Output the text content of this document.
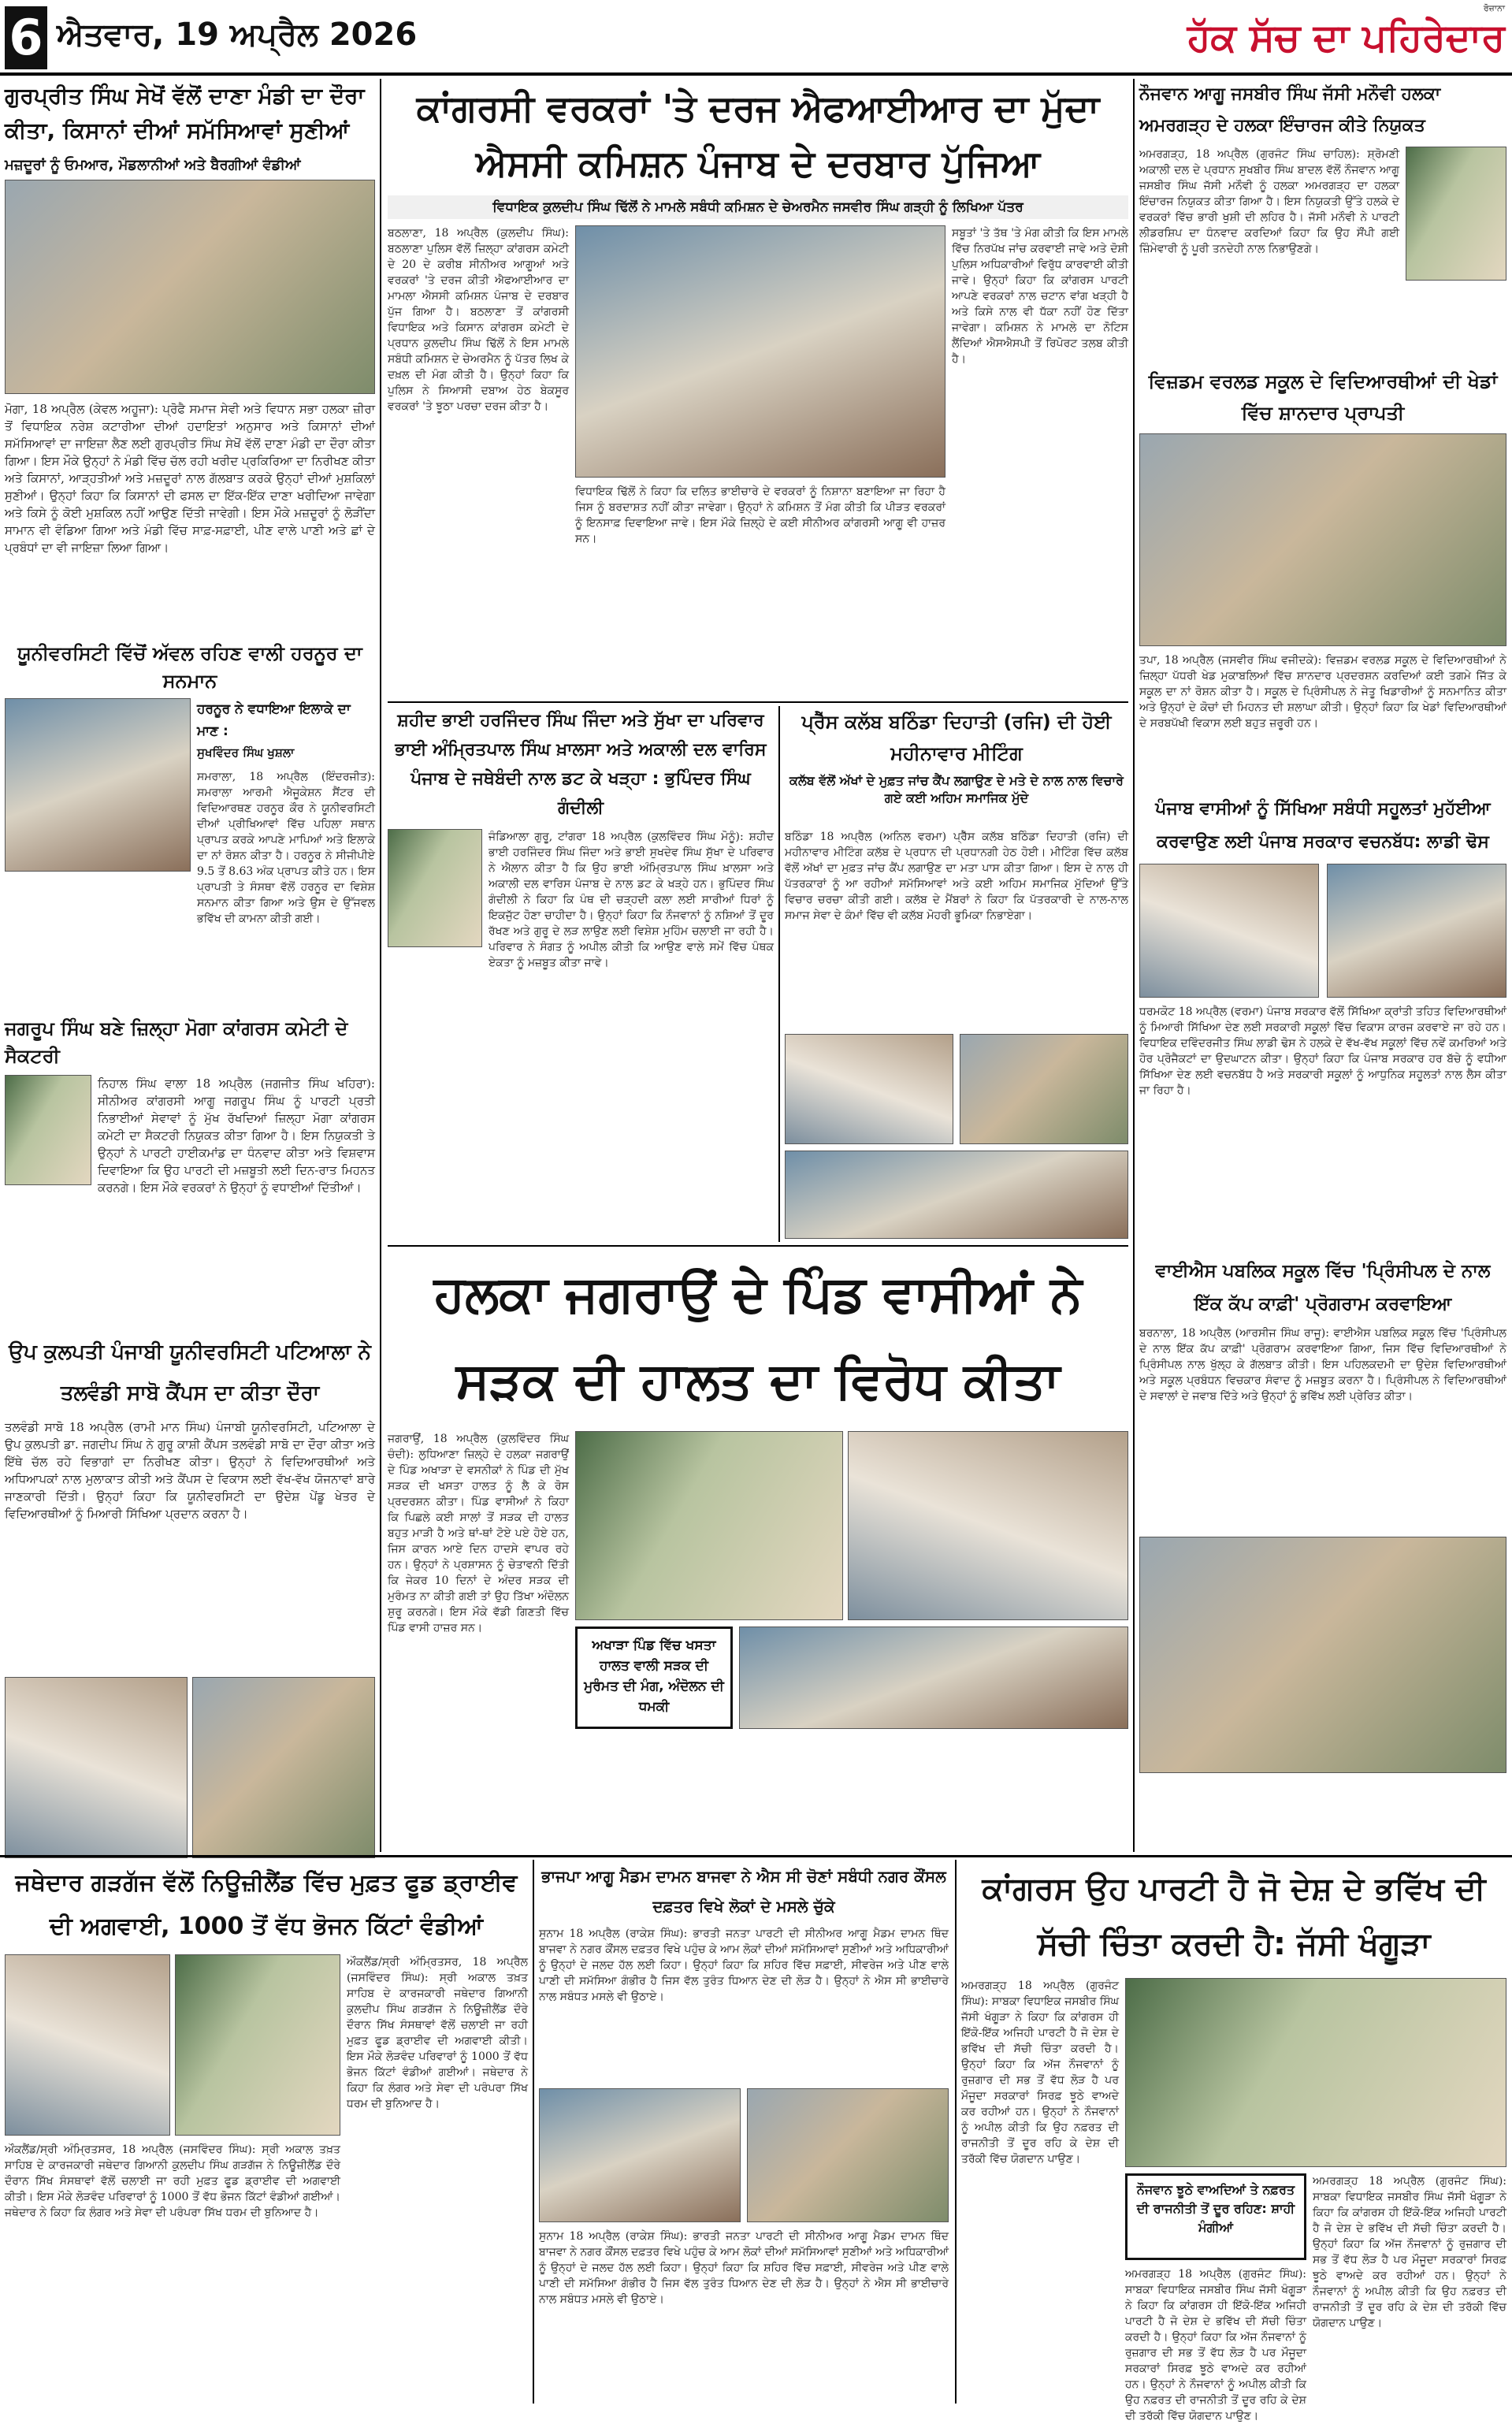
6 ਐਤਵਾਰ, 19 ਅਪ੍ਰੈਲ 2026
ਰੋਜ਼ਾਨਾ
ਹੱਕ ਸੱਚ ਦਾ ਪਹਿਰੇਦਾਰ
ਗੁਰਪ੍ਰੀਤ ਸਿੰਘ ਸੇਖੋਂ ਵੱਲੋਂ ਦਾਣਾ ਮੰਡੀ ਦਾ ਦੌਰਾ ਕੀਤਾ, ਕਿਸਾਨਾਂ ਦੀਆਂ ਸਮੱਸਿਆਵਾਂ ਸੁਣੀਆਂ
ਮਜ਼ਦੂਰਾਂ ਨੂੰ ਓਮਆਰ, ਮੌਡਲਾਨੀਆਂ ਅਤੇ ਬੈਰਗੀਆਂ ਵੰਡੀਆਂ
ਮੋਗਾ, 18 ਅਪ੍ਰੈਲ (ਕੇਵਲ ਅਹੂਜਾ): ਪ੍ਰੋਫੈ ਸਮਾਜ ਸੇਵੀ ਅਤੇ ਵਿਧਾਨ ਸਭਾ ਹਲਕਾ ਜ਼ੀਰਾ ਤੋਂ ਵਿਧਾਇਕ ਨਰੇਸ਼ ਕਟਾਰੀਆ ਦੀਆਂ ਹਦਾਇਤਾਂ ਅਨੁਸਾਰ ਅਤੇ ਕਿਸਾਨਾਂ ਦੀਆਂ ਸਮੱਸਿਆਵਾਂ ਦਾ ਜਾਇਜ਼ਾ ਲੈਣ ਲਈ ਗੁਰਪ੍ਰੀਤ ਸਿੰਘ ਸੇਖੋਂ ਵੱਲੋਂ ਦਾਣਾ ਮੰਡੀ ਦਾ ਦੌਰਾ ਕੀਤਾ ਗਿਆ। ਇਸ ਮੌਕੇ ਉਨ੍ਹਾਂ ਨੇ ਮੰਡੀ ਵਿੱਚ ਚੱਲ ਰਹੀ ਖਰੀਦ ਪ੍ਰਕਿਰਿਆ ਦਾ ਨਿਰੀਖਣ ਕੀਤਾ ਅਤੇ ਕਿਸਾਨਾਂ, ਆੜ੍ਹਤੀਆਂ ਅਤੇ ਮਜ਼ਦੂਰਾਂ ਨਾਲ ਗੱਲਬਾਤ ਕਰਕੇ ਉਨ੍ਹਾਂ ਦੀਆਂ ਮੁਸ਼ਕਿਲਾਂ ਸੁਣੀਆਂ। ਉਨ੍ਹਾਂ ਕਿਹਾ ਕਿ ਕਿਸਾਨਾਂ ਦੀ ਫਸਲ ਦਾ ਇੱਕ-ਇੱਕ ਦਾਣਾ ਖਰੀਦਿਆ ਜਾਵੇਗਾ ਅਤੇ ਕਿਸੇ ਨੂੰ ਕੋਈ ਮੁਸ਼ਕਿਲ ਨਹੀਂ ਆਉਣ ਦਿੱਤੀ ਜਾਵੇਗੀ। ਇਸ ਮੌਕੇ ਮਜ਼ਦੂਰਾਂ ਨੂੰ ਲੋੜੀਂਦਾ ਸਾਮਾਨ ਵੀ ਵੰਡਿਆ ਗਿਆ ਅਤੇ ਮੰਡੀ ਵਿੱਚ ਸਾਫ਼-ਸਫ਼ਾਈ, ਪੀਣ ਵਾਲੇ ਪਾਣੀ ਅਤੇ ਛਾਂ ਦੇ ਪ੍ਰਬੰਧਾਂ ਦਾ ਵੀ ਜਾਇਜ਼ਾ ਲਿਆ ਗਿਆ।
ਯੂਨੀਵਰਸਿਟੀ ਵਿੱਚੋਂ ਅੱਵਲ ਰਹਿਣ ਵਾਲੀ ਹਰਨੂਰ ਦਾ ਸਨਮਾਨ
ਹਰਨੂਰ ਨੇ ਵਧਾਇਆ ਇਲਾਕੇ ਦਾ ਮਾਣ :
ਸੁਖਵਿੰਦਰ ਸਿੰਘ ਖੁਸ਼ਲਾ
ਸਮਰਾਲਾ, 18 ਅਪ੍ਰੈਲ (ਇੰਦਰਜੀਤ): ਸਮਰਾਲਾ ਆਰਮੀ ਐਜੂਕੇਸ਼ਨ ਸੈਂਟਰ ਦੀ ਵਿਦਿਆਰਥਣ ਹਰਨੂਰ ਕੌਰ ਨੇ ਯੂਨੀਵਰਸਿਟੀ ਦੀਆਂ ਪ੍ਰੀਖਿਆਵਾਂ ਵਿੱਚ ਪਹਿਲਾ ਸਥਾਨ ਪ੍ਰਾਪਤ ਕਰਕੇ ਆਪਣੇ ਮਾਪਿਆਂ ਅਤੇ ਇਲਾਕੇ ਦਾ ਨਾਂ ਰੋਸ਼ਨ ਕੀਤਾ ਹੈ। ਹਰਨੂਰ ਨੇ ਸੀਜੀਪੀਏ 9.5 ਤੋਂ 8.63 ਅੰਕ ਪ੍ਰਾਪਤ ਕੀਤੇ ਹਨ। ਇਸ ਪ੍ਰਾਪਤੀ ਤੇ ਸੰਸਥਾ ਵੱਲੋਂ ਹਰਨੂਰ ਦਾ ਵਿਸ਼ੇਸ਼ ਸਨਮਾਨ ਕੀਤਾ ਗਿਆ ਅਤੇ ਉਸ ਦੇ ਉੱਜਵਲ ਭਵਿੱਖ ਦੀ ਕਾਮਨਾ ਕੀਤੀ ਗਈ।
ਜਗਰੂਪ ਸਿੰਘ ਬਣੇ ਜ਼ਿਲ੍ਹਾ ਮੋਗਾ ਕਾਂਗਰਸ ਕਮੇਟੀ ਦੇ ਸੈਕਟਰੀ
ਨਿਹਾਲ ਸਿੰਘ ਵਾਲਾ 18 ਅਪ੍ਰੈਲ (ਜਗਜੀਤ ਸਿੰਘ ਖਹਿਰਾ): ਸੀਨੀਅਰ ਕਾਂਗਰਸੀ ਆਗੂ ਜਗਰੂਪ ਸਿੰਘ ਨੂੰ ਪਾਰਟੀ ਪ੍ਰਤੀ ਨਿਭਾਈਆਂ ਸੇਵਾਵਾਂ ਨੂੰ ਮੁੱਖ ਰੱਖਦਿਆਂ ਜ਼ਿਲ੍ਹਾ ਮੋਗਾ ਕਾਂਗਰਸ ਕਮੇਟੀ ਦਾ ਸੈਕਟਰੀ ਨਿਯੁਕਤ ਕੀਤਾ ਗਿਆ ਹੈ। ਇਸ ਨਿਯੁਕਤੀ ਤੇ ਉਨ੍ਹਾਂ ਨੇ ਪਾਰਟੀ ਹਾਈਕਮਾਂਡ ਦਾ ਧੰਨਵਾਦ ਕੀਤਾ ਅਤੇ ਵਿਸ਼ਵਾਸ ਦਿਵਾਇਆ ਕਿ ਉਹ ਪਾਰਟੀ ਦੀ ਮਜ਼ਬੂਤੀ ਲਈ ਦਿਨ-ਰਾਤ ਮਿਹਨਤ ਕਰਨਗੇ। ਇਸ ਮੌਕੇ ਵਰਕਰਾਂ ਨੇ ਉਨ੍ਹਾਂ ਨੂੰ ਵਧਾਈਆਂ ਦਿੱਤੀਆਂ।
ਉਪ ਕੁਲਪਤੀ ਪੰਜਾਬੀ ਯੂਨੀਵਰਸਿਟੀ ਪਟਿਆਲਾ ਨੇ ਤਲਵੰਡੀ ਸਾਬੋ ਕੈਂਪਸ ਦਾ ਕੀਤਾ ਦੌਰਾ
ਤਲਵੰਡੀ ਸਾਬੋ 18 ਅਪ੍ਰੈਲ (ਰਾਮੀ ਮਾਨ ਸਿੰਘ) ਪੰਜਾਬੀ ਯੂਨੀਵਰਸਿਟੀ, ਪਟਿਆਲਾ ਦੇ ਉਪ ਕੁਲਪਤੀ ਡਾ. ਜਗਦੀਪ ਸਿੰਘ ਨੇ ਗੁਰੂ ਕਾਸ਼ੀ ਕੈਂਪਸ ਤਲਵੰਡੀ ਸਾਬੋ ਦਾ ਦੌਰਾ ਕੀਤਾ ਅਤੇ ਇੱਥੇ ਚੱਲ ਰਹੇ ਵਿਭਾਗਾਂ ਦਾ ਨਿਰੀਖਣ ਕੀਤਾ। ਉਨ੍ਹਾਂ ਨੇ ਵਿਦਿਆਰਥੀਆਂ ਅਤੇ ਅਧਿਆਪਕਾਂ ਨਾਲ ਮੁਲਾਕਾਤ ਕੀਤੀ ਅਤੇ ਕੈਂਪਸ ਦੇ ਵਿਕਾਸ ਲਈ ਵੱਖ-ਵੱਖ ਯੋਜਨਾਵਾਂ ਬਾਰੇ ਜਾਣਕਾਰੀ ਦਿੱਤੀ। ਉਨ੍ਹਾਂ ਕਿਹਾ ਕਿ ਯੂਨੀਵਰਸਿਟੀ ਦਾ ਉਦੇਸ਼ ਪੇਂਡੂ ਖੇਤਰ ਦੇ ਵਿਦਿਆਰਥੀਆਂ ਨੂੰ ਮਿਆਰੀ ਸਿੱਖਿਆ ਪ੍ਰਦਾਨ ਕਰਨਾ ਹੈ।
ਕਾਂਗਰਸੀ ਵਰਕਰਾਂ 'ਤੇ ਦਰਜ ਐਫਆਈਆਰ ਦਾ ਮੁੱਦਾ ਐਸਸੀ ਕਮਿਸ਼ਨ ਪੰਜਾਬ ਦੇ ਦਰਬਾਰ ਪੁੱਜਿਆ
ਵਿਧਾਇਕ ਕੁਲਦੀਪ ਸਿੰਘ ਢਿੱਲੋਂ ਨੇ ਮਾਮਲੇ ਸਬੰਧੀ ਕਮਿਸ਼ਨ ਦੇ ਚੇਅਰਮੈਨ ਜਸਵੀਰ ਸਿੰਘ ਗੜ੍ਹੀ ਨੂੰ ਲਿਖਿਆ ਪੱਤਰ
ਬਠਲਾਣਾ, 18 ਅਪ੍ਰੈਲ (ਕੁਲਦੀਪ ਸਿੰਘ): ਬਠਲਾਣਾ ਪੁਲਿਸ ਵੱਲੋਂ ਜ਼ਿਲ੍ਹਾ ਕਾਂਗਰਸ ਕਮੇਟੀ ਦੇ 20 ਦੇ ਕਰੀਬ ਸੀਨੀਅਰ ਆਗੂਆਂ ਅਤੇ ਵਰਕਰਾਂ 'ਤੇ ਦਰਜ ਕੀਤੀ ਐਫਆਈਆਰ ਦਾ ਮਾਮਲਾ ਐਸਸੀ ਕਮਿਸ਼ਨ ਪੰਜਾਬ ਦੇ ਦਰਬਾਰ ਪੁੱਜ ਗਿਆ ਹੈ। ਬਠਲਾਣਾ ਤੋਂ ਕਾਂਗਰਸੀ ਵਿਧਾਇਕ ਅਤੇ ਕਿਸਾਨ ਕਾਂਗਰਸ ਕਮੇਟੀ ਦੇ ਪ੍ਰਧਾਨ ਕੁਲਦੀਪ ਸਿੰਘ ਢਿੱਲੋਂ ਨੇ ਇਸ ਮਾਮਲੇ ਸਬੰਧੀ ਕਮਿਸ਼ਨ ਦੇ ਚੇਅਰਮੈਨ ਨੂੰ ਪੱਤਰ ਲਿਖ ਕੇ ਦਖ਼ਲ ਦੀ ਮੰਗ ਕੀਤੀ ਹੈ। ਉਨ੍ਹਾਂ ਕਿਹਾ ਕਿ ਪੁਲਿਸ ਨੇ ਸਿਆਸੀ ਦਬਾਅ ਹੇਠ ਬੇਕਸੂਰ ਵਰਕਰਾਂ 'ਤੇ ਝੂਠਾ ਪਰਚਾ ਦਰਜ ਕੀਤਾ ਹੈ।
ਸਬੂਤਾਂ 'ਤੇ ਤੱਥ 'ਤੇ ਮੰਗ ਕੀਤੀ ਕਿ ਇਸ ਮਾਮਲੇ ਵਿੱਚ ਨਿਰਪੱਖ ਜਾਂਚ ਕਰਵਾਈ ਜਾਵੇ ਅਤੇ ਦੋਸ਼ੀ ਪੁਲਿਸ ਅਧਿਕਾਰੀਆਂ ਵਿਰੁੱਧ ਕਾਰਵਾਈ ਕੀਤੀ ਜਾਵੇ। ਉਨ੍ਹਾਂ ਕਿਹਾ ਕਿ ਕਾਂਗਰਸ ਪਾਰਟੀ ਆਪਣੇ ਵਰਕਰਾਂ ਨਾਲ ਚਟਾਨ ਵਾਂਗ ਖੜ੍ਹੀ ਹੈ ਅਤੇ ਕਿਸੇ ਨਾਲ ਵੀ ਧੱਕਾ ਨਹੀਂ ਹੋਣ ਦਿੱਤਾ ਜਾਵੇਗਾ। ਕਮਿਸ਼ਨ ਨੇ ਮਾਮਲੇ ਦਾ ਨੋਟਿਸ ਲੈਂਦਿਆਂ ਐਸਐਸਪੀ ਤੋਂ ਰਿਪੋਰਟ ਤਲਬ ਕੀਤੀ ਹੈ।
ਵਿਧਾਇਕ ਢਿੱਲੋਂ ਨੇ ਕਿਹਾ ਕਿ ਦਲਿਤ ਭਾਈਚਾਰੇ ਦੇ ਵਰਕਰਾਂ ਨੂੰ ਨਿਸ਼ਾਨਾ ਬਣਾਇਆ ਜਾ ਰਿਹਾ ਹੈ ਜਿਸ ਨੂੰ ਬਰਦਾਸ਼ਤ ਨਹੀਂ ਕੀਤਾ ਜਾਵੇਗਾ। ਉਨ੍ਹਾਂ ਨੇ ਕਮਿਸ਼ਨ ਤੋਂ ਮੰਗ ਕੀਤੀ ਕਿ ਪੀੜਤ ਵਰਕਰਾਂ ਨੂੰ ਇਨਸਾਫ਼ ਦਿਵਾਇਆ ਜਾਵੇ। ਇਸ ਮੌਕੇ ਜ਼ਿਲ੍ਹੇ ਦੇ ਕਈ ਸੀਨੀਅਰ ਕਾਂਗਰਸੀ ਆਗੂ ਵੀ ਹਾਜ਼ਰ ਸਨ।
ਸ਼ਹੀਦ ਭਾਈ ਹਰਜਿੰਦਰ ਸਿੰਘ ਜਿੰਦਾ ਅਤੇ ਸੁੱਖਾ ਦਾ ਪਰਿਵਾਰ ਭਾਈ ਅੰਮ੍ਰਿਤਪਾਲ ਸਿੰਘ ਖ਼ਾਲਸਾ ਅਤੇ ਅਕਾਲੀ ਦਲ ਵਾਰਿਸ ਪੰਜਾਬ ਦੇ ਜਥੇਬੰਦੀ ਨਾਲ ਡਟ ਕੇ ਖੜ੍ਹਾ : ਭੁਪਿੰਦਰ ਸਿੰਘ ਗੰਦੀਲੀ
ਜੰਡਿਆਲਾ ਗੁਰੂ, ਟਾਂਗਰਾ 18 ਅਪ੍ਰੈਲ (ਕੁਲਵਿੰਦਰ ਸਿੰਘ ਮੋਨੂੰ): ਸ਼ਹੀਦ ਭਾਈ ਹਰਜਿੰਦਰ ਸਿੰਘ ਜਿੰਦਾ ਅਤੇ ਭਾਈ ਸੁਖਦੇਵ ਸਿੰਘ ਸੁੱਖਾ ਦੇ ਪਰਿਵਾਰ ਨੇ ਐਲਾਨ ਕੀਤਾ ਹੈ ਕਿ ਉਹ ਭਾਈ ਅੰਮ੍ਰਿਤਪਾਲ ਸਿੰਘ ਖ਼ਾਲਸਾ ਅਤੇ ਅਕਾਲੀ ਦਲ ਵਾਰਿਸ ਪੰਜਾਬ ਦੇ ਨਾਲ ਡਟ ਕੇ ਖੜ੍ਹੇ ਹਨ। ਭੁਪਿੰਦਰ ਸਿੰਘ ਗੰਦੀਲੀ ਨੇ ਕਿਹਾ ਕਿ ਪੰਥ ਦੀ ਚੜ੍ਹਦੀ ਕਲਾ ਲਈ ਸਾਰੀਆਂ ਧਿਰਾਂ ਨੂੰ ਇਕਜੁੱਟ ਹੋਣਾ ਚਾਹੀਦਾ ਹੈ। ਉਨ੍ਹਾਂ ਕਿਹਾ ਕਿ ਨੌਜਵਾਨਾਂ ਨੂੰ ਨਸ਼ਿਆਂ ਤੋਂ ਦੂਰ ਰੱਖਣ ਅਤੇ ਗੁਰੂ ਦੇ ਲੜ ਲਾਉਣ ਲਈ ਵਿਸ਼ੇਸ਼ ਮੁਹਿੰਮ ਚਲਾਈ ਜਾ ਰਹੀ ਹੈ। ਪਰਿਵਾਰ ਨੇ ਸੰਗਤ ਨੂੰ ਅਪੀਲ ਕੀਤੀ ਕਿ ਆਉਣ ਵਾਲੇ ਸਮੇਂ ਵਿੱਚ ਪੰਥਕ ਏਕਤਾ ਨੂੰ ਮਜ਼ਬੂਤ ਕੀਤਾ ਜਾਵੇ।
ਪ੍ਰੈੱਸ ਕਲੱਬ ਬਠਿੰਡਾ ਦਿਹਾਤੀ (ਰਜਿ) ਦੀ ਹੋਈ ਮਹੀਨਾਵਾਰ ਮੀਟਿੰਗ
ਕਲੱਬ ਵੱਲੋਂ ਅੱਖਾਂ ਦੇ ਮੁਫ਼ਤ ਜਾਂਚ ਕੈਂਪ ਲਗਾਉਣ ਦੇ ਮਤੇ ਦੇ ਨਾਲ ਨਾਲ ਵਿਚਾਰੇ ਗਏ ਕਈ ਅਹਿਮ ਸਮਾਜਿਕ ਮੁੱਦੇ
ਬਠਿੰਡਾ 18 ਅਪ੍ਰੈਲ (ਅਨਿਲ ਵਰਮਾ) ਪ੍ਰੈੱਸ ਕਲੱਬ ਬਠਿੰਡਾ ਦਿਹਾਤੀ (ਰਜਿ) ਦੀ ਮਹੀਨਾਵਾਰ ਮੀਟਿੰਗ ਕਲੱਬ ਦੇ ਪ੍ਰਧਾਨ ਦੀ ਪ੍ਰਧਾਨਗੀ ਹੇਠ ਹੋਈ। ਮੀਟਿੰਗ ਵਿੱਚ ਕਲੱਬ ਵੱਲੋਂ ਅੱਖਾਂ ਦਾ ਮੁਫ਼ਤ ਜਾਂਚ ਕੈਂਪ ਲਗਾਉਣ ਦਾ ਮਤਾ ਪਾਸ ਕੀਤਾ ਗਿਆ। ਇਸ ਦੇ ਨਾਲ ਹੀ ਪੱਤਰਕਾਰਾਂ ਨੂੰ ਆ ਰਹੀਆਂ ਸਮੱਸਿਆਵਾਂ ਅਤੇ ਕਈ ਅਹਿਮ ਸਮਾਜਿਕ ਮੁੱਦਿਆਂ ਉੱਤੇ ਵਿਚਾਰ ਚਰਚਾ ਕੀਤੀ ਗਈ। ਕਲੱਬ ਦੇ ਮੈਂਬਰਾਂ ਨੇ ਕਿਹਾ ਕਿ ਪੱਤਰਕਾਰੀ ਦੇ ਨਾਲ-ਨਾਲ ਸਮਾਜ ਸੇਵਾ ਦੇ ਕੰਮਾਂ ਵਿੱਚ ਵੀ ਕਲੱਬ ਮੋਹਰੀ ਭੂਮਿਕਾ ਨਿਭਾਏਗਾ।
ਹਲਕਾ ਜਗਰਾਉਂ ਦੇ ਪਿੰਡ ਵਾਸੀਆਂ ਨੇ ਸੜਕ ਦੀ ਹਾਲਤ ਦਾ ਵਿਰੋਧ ਕੀਤਾ
ਜਗਰਾਉਂ, 18 ਅਪ੍ਰੈਲ (ਕੁਲਵਿੰਦਰ ਸਿੰਘ ਚੰਦੀ): ਲੁਧਿਆਣਾ ਜ਼ਿਲ੍ਹੇ ਦੇ ਹਲਕਾ ਜਗਰਾਉਂ ਦੇ ਪਿੰਡ ਅਖਾੜਾ ਦੇ ਵਸਨੀਕਾਂ ਨੇ ਪਿੰਡ ਦੀ ਮੁੱਖ ਸੜਕ ਦੀ ਖਸਤਾ ਹਾਲਤ ਨੂੰ ਲੈ ਕੇ ਰੋਸ ਪ੍ਰਦਰਸ਼ਨ ਕੀਤਾ। ਪਿੰਡ ਵਾਸੀਆਂ ਨੇ ਕਿਹਾ ਕਿ ਪਿਛਲੇ ਕਈ ਸਾਲਾਂ ਤੋਂ ਸੜਕ ਦੀ ਹਾਲਤ ਬਹੁਤ ਮਾੜੀ ਹੈ ਅਤੇ ਥਾਂ-ਥਾਂ ਟੋਏ ਪਏ ਹੋਏ ਹਨ, ਜਿਸ ਕਾਰਨ ਆਏ ਦਿਨ ਹਾਦਸੇ ਵਾਪਰ ਰਹੇ ਹਨ। ਉਨ੍ਹਾਂ ਨੇ ਪ੍ਰਸ਼ਾਸਨ ਨੂੰ ਚੇਤਾਵਨੀ ਦਿੱਤੀ ਕਿ ਜੇਕਰ 10 ਦਿਨਾਂ ਦੇ ਅੰਦਰ ਸੜਕ ਦੀ ਮੁਰੰਮਤ ਨਾ ਕੀਤੀ ਗਈ ਤਾਂ ਉਹ ਤਿੱਖਾ ਅੰਦੋਲਨ ਸ਼ੁਰੂ ਕਰਨਗੇ। ਇਸ ਮੌਕੇ ਵੱਡੀ ਗਿਣਤੀ ਵਿੱਚ ਪਿੰਡ ਵਾਸੀ ਹਾਜ਼ਰ ਸਨ।
ਅਖਾੜਾ ਪਿੰਡ ਵਿੱਚ ਖਸਤਾ ਹਾਲਤ ਵਾਲੀ ਸੜਕ ਦੀ ਮੁਰੰਮਤ ਦੀ ਮੰਗ, ਅੰਦੋਲਨ ਦੀ ਧਮਕੀ
ਨੌਜਵਾਨ ਆਗੂ ਜਸਬੀਰ ਸਿੰਘ ਜੱਸੀ ਮਨੌਵੀ ਹਲਕਾ ਅਮਰਗੜ੍ਹ ਦੇ ਹਲਕਾ ਇੰਚਾਰਜ ਕੀਤੇ ਨਿਯੁਕਤ
ਅਮਰਗੜ੍ਹ, 18 ਅਪ੍ਰੈਲ (ਗੁਰਜੰਟ ਸਿੰਘ ਚਾਹਿਲ): ਸ਼੍ਰੋਮਣੀ ਅਕਾਲੀ ਦਲ ਦੇ ਪ੍ਰਧਾਨ ਸੁਖਬੀਰ ਸਿੰਘ ਬਾਦਲ ਵੱਲੋਂ ਨੌਜਵਾਨ ਆਗੂ ਜਸਬੀਰ ਸਿੰਘ ਜੱਸੀ ਮਨੌਵੀ ਨੂੰ ਹਲਕਾ ਅਮਰਗੜ੍ਹ ਦਾ ਹਲਕਾ ਇੰਚਾਰਜ ਨਿਯੁਕਤ ਕੀਤਾ ਗਿਆ ਹੈ। ਇਸ ਨਿਯੁਕਤੀ ਉੱਤੇ ਹਲਕੇ ਦੇ ਵਰਕਰਾਂ ਵਿੱਚ ਭਾਰੀ ਖੁਸ਼ੀ ਦੀ ਲਹਿਰ ਹੈ। ਜੱਸੀ ਮਨੌਵੀ ਨੇ ਪਾਰਟੀ ਲੀਡਰਸ਼ਿਪ ਦਾ ਧੰਨਵਾਦ ਕਰਦਿਆਂ ਕਿਹਾ ਕਿ ਉਹ ਸੌਂਪੀ ਗਈ ਜ਼ਿੰਮੇਵਾਰੀ ਨੂੰ ਪੂਰੀ ਤਨਦੇਹੀ ਨਾਲ ਨਿਭਾਉਣਗੇ।
ਵਿਜ਼ਡਮ ਵਰਲਡ ਸਕੂਲ ਦੇ ਵਿਦਿਆਰਥੀਆਂ ਦੀ ਖੇਡਾਂ ਵਿੱਚ ਸ਼ਾਨਦਾਰ ਪ੍ਰਾਪਤੀ
ਤਪਾ, 18 ਅਪ੍ਰੈਲ (ਜਸਵੀਰ ਸਿੰਘ ਵਜੀਦਕੇ): ਵਿਜ਼ਡਮ ਵਰਲਡ ਸਕੂਲ ਦੇ ਵਿਦਿਆਰਥੀਆਂ ਨੇ ਜ਼ਿਲ੍ਹਾ ਪੱਧਰੀ ਖੇਡ ਮੁਕਾਬਲਿਆਂ ਵਿੱਚ ਸ਼ਾਨਦਾਰ ਪ੍ਰਦਰਸ਼ਨ ਕਰਦਿਆਂ ਕਈ ਤਗਮੇ ਜਿੱਤ ਕੇ ਸਕੂਲ ਦਾ ਨਾਂ ਰੋਸ਼ਨ ਕੀਤਾ ਹੈ। ਸਕੂਲ ਦੇ ਪ੍ਰਿੰਸੀਪਲ ਨੇ ਜੇਤੂ ਖਿਡਾਰੀਆਂ ਨੂੰ ਸਨਮਾਨਿਤ ਕੀਤਾ ਅਤੇ ਉਨ੍ਹਾਂ ਦੇ ਕੋਚਾਂ ਦੀ ਮਿਹਨਤ ਦੀ ਸ਼ਲਾਘਾ ਕੀਤੀ। ਉਨ੍ਹਾਂ ਕਿਹਾ ਕਿ ਖੇਡਾਂ ਵਿਦਿਆਰਥੀਆਂ ਦੇ ਸਰਬਪੱਖੀ ਵਿਕਾਸ ਲਈ ਬਹੁਤ ਜ਼ਰੂਰੀ ਹਨ।
ਪੰਜਾਬ ਵਾਸੀਆਂ ਨੂੰ ਸਿੱਖਿਆ ਸਬੰਧੀ ਸਹੂਲਤਾਂ ਮੁਹੱਈਆ ਕਰਵਾਉਣ ਲਈ ਪੰਜਾਬ ਸਰਕਾਰ ਵਚਨਬੱਧ: ਲਾਡੀ ਢੋਸ
ਧਰਮਕੋਟ 18 ਅਪ੍ਰੈਲ (ਵਰਮਾ) ਪੰਜਾਬ ਸਰਕਾਰ ਵੱਲੋਂ ਸਿੱਖਿਆ ਕ੍ਰਾਂਤੀ ਤਹਿਤ ਵਿਦਿਆਰਥੀਆਂ ਨੂੰ ਮਿਆਰੀ ਸਿੱਖਿਆ ਦੇਣ ਲਈ ਸਰਕਾਰੀ ਸਕੂਲਾਂ ਵਿੱਚ ਵਿਕਾਸ ਕਾਰਜ ਕਰਵਾਏ ਜਾ ਰਹੇ ਹਨ। ਵਿਧਾਇਕ ਦਵਿੰਦਰਜੀਤ ਸਿੰਘ ਲਾਡੀ ਢੋਸ ਨੇ ਹਲਕੇ ਦੇ ਵੱਖ-ਵੱਖ ਸਕੂਲਾਂ ਵਿੱਚ ਨਵੇਂ ਕਮਰਿਆਂ ਅਤੇ ਹੋਰ ਪ੍ਰੋਜੈਕਟਾਂ ਦਾ ਉਦਘਾਟਨ ਕੀਤਾ। ਉਨ੍ਹਾਂ ਕਿਹਾ ਕਿ ਪੰਜਾਬ ਸਰਕਾਰ ਹਰ ਬੱਚੇ ਨੂੰ ਵਧੀਆ ਸਿੱਖਿਆ ਦੇਣ ਲਈ ਵਚਨਬੱਧ ਹੈ ਅਤੇ ਸਰਕਾਰੀ ਸਕੂਲਾਂ ਨੂੰ ਆਧੁਨਿਕ ਸਹੂਲਤਾਂ ਨਾਲ ਲੈਸ ਕੀਤਾ ਜਾ ਰਿਹਾ ਹੈ।
ਵਾਈਐਸ ਪਬਲਿਕ ਸਕੂਲ ਵਿੱਚ 'ਪ੍ਰਿੰਸੀਪਲ ਦੇ ਨਾਲ ਇੱਕ ਕੱਪ ਕਾਫ਼ੀ' ਪ੍ਰੋਗਰਾਮ ਕਰਵਾਇਆ
ਬਰਨਾਲਾ, 18 ਅਪ੍ਰੈਲ (ਆਰਸੀਜ ਸਿੰਘ ਰਾਜੂ): ਵਾਈਐਸ ਪਬਲਿਕ ਸਕੂਲ ਵਿੱਚ 'ਪ੍ਰਿੰਸੀਪਲ ਦੇ ਨਾਲ ਇੱਕ ਕੱਪ ਕਾਫ਼ੀ' ਪ੍ਰੋਗਰਾਮ ਕਰਵਾਇਆ ਗਿਆ, ਜਿਸ ਵਿੱਚ ਵਿਦਿਆਰਥੀਆਂ ਨੇ ਪ੍ਰਿੰਸੀਪਲ ਨਾਲ ਖੁੱਲ੍ਹ ਕੇ ਗੱਲਬਾਤ ਕੀਤੀ। ਇਸ ਪਹਿਲਕਦਮੀ ਦਾ ਉਦੇਸ਼ ਵਿਦਿਆਰਥੀਆਂ ਅਤੇ ਸਕੂਲ ਪ੍ਰਬੰਧਨ ਵਿਚਕਾਰ ਸੰਵਾਦ ਨੂੰ ਮਜ਼ਬੂਤ ਕਰਨਾ ਹੈ। ਪ੍ਰਿੰਸੀਪਲ ਨੇ ਵਿਦਿਆਰਥੀਆਂ ਦੇ ਸਵਾਲਾਂ ਦੇ ਜਵਾਬ ਦਿੱਤੇ ਅਤੇ ਉਨ੍ਹਾਂ ਨੂੰ ਭਵਿੱਖ ਲਈ ਪ੍ਰੇਰਿਤ ਕੀਤਾ।
ਜਥੇਦਾਰ ਗੜਗੱਜ ਵੱਲੋਂ ਨਿਊਜ਼ੀਲੈਂਡ ਵਿੱਚ ਮੁਫ਼ਤ ਫੂਡ ਡ੍ਰਾਈਵ ਦੀ ਅਗਵਾਈ, 1000 ਤੋਂ ਵੱਧ ਭੋਜਨ ਕਿੱਟਾਂ ਵੰਡੀਆਂ
ਔਕਲੈਂਡ/ਸ੍ਰੀ ਅੰਮ੍ਰਿਤਸਰ, 18 ਅਪ੍ਰੈਲ (ਜਸਵਿੰਦਰ ਸਿੰਘ): ਸ੍ਰੀ ਅਕਾਲ ਤਖ਼ਤ ਸਾਹਿਬ ਦੇ ਕਾਰਜਕਾਰੀ ਜਥੇਦਾਰ ਗਿਆਨੀ ਕੁਲਦੀਪ ਸਿੰਘ ਗੜਗੱਜ ਨੇ ਨਿਊਜ਼ੀਲੈਂਡ ਦੌਰੇ ਦੌਰਾਨ ਸਿੱਖ ਸੰਸਥਾਵਾਂ ਵੱਲੋਂ ਚਲਾਈ ਜਾ ਰਹੀ ਮੁਫ਼ਤ ਫੂਡ ਡ੍ਰਾਈਵ ਦੀ ਅਗਵਾਈ ਕੀਤੀ। ਇਸ ਮੌਕੇ ਲੋੜਵੰਦ ਪਰਿਵਾਰਾਂ ਨੂੰ 1000 ਤੋਂ ਵੱਧ ਭੋਜਨ ਕਿੱਟਾਂ ਵੰਡੀਆਂ ਗਈਆਂ। ਜਥੇਦਾਰ ਨੇ ਕਿਹਾ ਕਿ ਲੰਗਰ ਅਤੇ ਸੇਵਾ ਦੀ ਪਰੰਪਰਾ ਸਿੱਖ ਧਰਮ ਦੀ ਬੁਨਿਆਦ ਹੈ।
ਔਕਲੈਂਡ/ਸ੍ਰੀ ਅੰਮ੍ਰਿਤਸਰ, 18 ਅਪ੍ਰੈਲ (ਜਸਵਿੰਦਰ ਸਿੰਘ): ਸ੍ਰੀ ਅਕਾਲ ਤਖ਼ਤ ਸਾਹਿਬ ਦੇ ਕਾਰਜਕਾਰੀ ਜਥੇਦਾਰ ਗਿਆਨੀ ਕੁਲਦੀਪ ਸਿੰਘ ਗੜਗੱਜ ਨੇ ਨਿਊਜ਼ੀਲੈਂਡ ਦੌਰੇ ਦੌਰਾਨ ਸਿੱਖ ਸੰਸਥਾਵਾਂ ਵੱਲੋਂ ਚਲਾਈ ਜਾ ਰਹੀ ਮੁਫ਼ਤ ਫੂਡ ਡ੍ਰਾਈਵ ਦੀ ਅਗਵਾਈ ਕੀਤੀ। ਇਸ ਮੌਕੇ ਲੋੜਵੰਦ ਪਰਿਵਾਰਾਂ ਨੂੰ 1000 ਤੋਂ ਵੱਧ ਭੋਜਨ ਕਿੱਟਾਂ ਵੰਡੀਆਂ ਗਈਆਂ। ਜਥੇਦਾਰ ਨੇ ਕਿਹਾ ਕਿ ਲੰਗਰ ਅਤੇ ਸੇਵਾ ਦੀ ਪਰੰਪਰਾ ਸਿੱਖ ਧਰਮ ਦੀ ਬੁਨਿਆਦ ਹੈ।
ਭਾਜਪਾ ਆਗੂ ਮੈਡਮ ਦਾਮਨ ਬਾਜਵਾ ਨੇ ਐਸ ਸੀ ਚੋਣਾਂ ਸਬੰਧੀ ਨਗਰ ਕੌਂਸਲ ਦਫ਼ਤਰ ਵਿਖੇ ਲੋਕਾਂ ਦੇ ਮਸਲੇ ਚੁੱਕੇ
ਸੁਨਾਮ 18 ਅਪ੍ਰੈਲ (ਰਾਕੇਸ਼ ਸਿੰਘ): ਭਾਰਤੀ ਜਨਤਾ ਪਾਰਟੀ ਦੀ ਸੀਨੀਅਰ ਆਗੂ ਮੈਡਮ ਦਾਮਨ ਥਿੰਦ ਬਾਜਵਾ ਨੇ ਨਗਰ ਕੌਂਸਲ ਦਫ਼ਤਰ ਵਿਖੇ ਪਹੁੰਚ ਕੇ ਆਮ ਲੋਕਾਂ ਦੀਆਂ ਸਮੱਸਿਆਵਾਂ ਸੁਣੀਆਂ ਅਤੇ ਅਧਿਕਾਰੀਆਂ ਨੂੰ ਉਨ੍ਹਾਂ ਦੇ ਜਲਦ ਹੱਲ ਲਈ ਕਿਹਾ। ਉਨ੍ਹਾਂ ਕਿਹਾ ਕਿ ਸ਼ਹਿਰ ਵਿੱਚ ਸਫ਼ਾਈ, ਸੀਵਰੇਜ ਅਤੇ ਪੀਣ ਵਾਲੇ ਪਾਣੀ ਦੀ ਸਮੱਸਿਆ ਗੰਭੀਰ ਹੈ ਜਿਸ ਵੱਲ ਤੁਰੰਤ ਧਿਆਨ ਦੇਣ ਦੀ ਲੋੜ ਹੈ। ਉਨ੍ਹਾਂ ਨੇ ਐਸ ਸੀ ਭਾਈਚਾਰੇ ਨਾਲ ਸਬੰਧਤ ਮਸਲੇ ਵੀ ਉਠਾਏ।
ਸੁਨਾਮ 18 ਅਪ੍ਰੈਲ (ਰਾਕੇਸ਼ ਸਿੰਘ): ਭਾਰਤੀ ਜਨਤਾ ਪਾਰਟੀ ਦੀ ਸੀਨੀਅਰ ਆਗੂ ਮੈਡਮ ਦਾਮਨ ਥਿੰਦ ਬਾਜਵਾ ਨੇ ਨਗਰ ਕੌਂਸਲ ਦਫ਼ਤਰ ਵਿਖੇ ਪਹੁੰਚ ਕੇ ਆਮ ਲੋਕਾਂ ਦੀਆਂ ਸਮੱਸਿਆਵਾਂ ਸੁਣੀਆਂ ਅਤੇ ਅਧਿਕਾਰੀਆਂ ਨੂੰ ਉਨ੍ਹਾਂ ਦੇ ਜਲਦ ਹੱਲ ਲਈ ਕਿਹਾ। ਉਨ੍ਹਾਂ ਕਿਹਾ ਕਿ ਸ਼ਹਿਰ ਵਿੱਚ ਸਫ਼ਾਈ, ਸੀਵਰੇਜ ਅਤੇ ਪੀਣ ਵਾਲੇ ਪਾਣੀ ਦੀ ਸਮੱਸਿਆ ਗੰਭੀਰ ਹੈ ਜਿਸ ਵੱਲ ਤੁਰੰਤ ਧਿਆਨ ਦੇਣ ਦੀ ਲੋੜ ਹੈ। ਉਨ੍ਹਾਂ ਨੇ ਐਸ ਸੀ ਭਾਈਚਾਰੇ ਨਾਲ ਸਬੰਧਤ ਮਸਲੇ ਵੀ ਉਠਾਏ।
ਕਾਂਗਰਸ ਉਹ ਪਾਰਟੀ ਹੈ ਜੋ ਦੇਸ਼ ਦੇ ਭਵਿੱਖ ਦੀ ਸੱਚੀ ਚਿੰਤਾ ਕਰਦੀ ਹੈ: ਜੱਸੀ ਖੰਗੂੜਾ
ਅਮਰਗੜ੍ਹ 18 ਅਪ੍ਰੈਲ (ਗੁਰਜੰਟ ਸਿੰਘ): ਸਾਬਕਾ ਵਿਧਾਇਕ ਜਸਬੀਰ ਸਿੰਘ ਜੱਸੀ ਖੰਗੂੜਾ ਨੇ ਕਿਹਾ ਕਿ ਕਾਂਗਰਸ ਹੀ ਇੱਕੋ-ਇੱਕ ਅਜਿਹੀ ਪਾਰਟੀ ਹੈ ਜੋ ਦੇਸ਼ ਦੇ ਭਵਿੱਖ ਦੀ ਸੱਚੀ ਚਿੰਤਾ ਕਰਦੀ ਹੈ। ਉਨ੍ਹਾਂ ਕਿਹਾ ਕਿ ਅੱਜ ਨੌਜਵਾਨਾਂ ਨੂੰ ਰੁਜ਼ਗਾਰ ਦੀ ਸਭ ਤੋਂ ਵੱਧ ਲੋੜ ਹੈ ਪਰ ਮੌਜੂਦਾ ਸਰਕਾਰਾਂ ਸਿਰਫ਼ ਝੂਠੇ ਵਾਅਦੇ ਕਰ ਰਹੀਆਂ ਹਨ। ਉਨ੍ਹਾਂ ਨੇ ਨੌਜਵਾਨਾਂ ਨੂੰ ਅਪੀਲ ਕੀਤੀ ਕਿ ਉਹ ਨਫ਼ਰਤ ਦੀ ਰਾਜਨੀਤੀ ਤੋਂ ਦੂਰ ਰਹਿ ਕੇ ਦੇਸ਼ ਦੀ ਤਰੱਕੀ ਵਿੱਚ ਯੋਗਦਾਨ ਪਾਉਣ।
ਨੌਜਵਾਨ ਝੂਠੇ ਵਾਅਦਿਆਂ ਤੇ ਨਫ਼ਰਤ ਦੀ ਰਾਜਨੀਤੀ ਤੋਂ ਦੂਰ ਰਹਿਣ: ਸ਼ਾਹੀ ਮੰਗੀਆਂ
ਅਮਰਗੜ੍ਹ 18 ਅਪ੍ਰੈਲ (ਗੁਰਜੰਟ ਸਿੰਘ): ਸਾਬਕਾ ਵਿਧਾਇਕ ਜਸਬੀਰ ਸਿੰਘ ਜੱਸੀ ਖੰਗੂੜਾ ਨੇ ਕਿਹਾ ਕਿ ਕਾਂਗਰਸ ਹੀ ਇੱਕੋ-ਇੱਕ ਅਜਿਹੀ ਪਾਰਟੀ ਹੈ ਜੋ ਦੇਸ਼ ਦੇ ਭਵਿੱਖ ਦੀ ਸੱਚੀ ਚਿੰਤਾ ਕਰਦੀ ਹੈ। ਉਨ੍ਹਾਂ ਕਿਹਾ ਕਿ ਅੱਜ ਨੌਜਵਾਨਾਂ ਨੂੰ ਰੁਜ਼ਗਾਰ ਦੀ ਸਭ ਤੋਂ ਵੱਧ ਲੋੜ ਹੈ ਪਰ ਮੌਜੂਦਾ ਸਰਕਾਰਾਂ ਸਿਰਫ਼ ਝੂਠੇ ਵਾਅਦੇ ਕਰ ਰਹੀਆਂ ਹਨ। ਉਨ੍ਹਾਂ ਨੇ ਨੌਜਵਾਨਾਂ ਨੂੰ ਅਪੀਲ ਕੀਤੀ ਕਿ ਉਹ ਨਫ਼ਰਤ ਦੀ ਰਾਜਨੀਤੀ ਤੋਂ ਦੂਰ ਰਹਿ ਕੇ ਦੇਸ਼ ਦੀ ਤਰੱਕੀ ਵਿੱਚ ਯੋਗਦਾਨ ਪਾਉਣ।
ਅਮਰਗੜ੍ਹ 18 ਅਪ੍ਰੈਲ (ਗੁਰਜੰਟ ਸਿੰਘ): ਸਾਬਕਾ ਵਿਧਾਇਕ ਜਸਬੀਰ ਸਿੰਘ ਜੱਸੀ ਖੰਗੂੜਾ ਨੇ ਕਿਹਾ ਕਿ ਕਾਂਗਰਸ ਹੀ ਇੱਕੋ-ਇੱਕ ਅਜਿਹੀ ਪਾਰਟੀ ਹੈ ਜੋ ਦੇਸ਼ ਦੇ ਭਵਿੱਖ ਦੀ ਸੱਚੀ ਚਿੰਤਾ ਕਰਦੀ ਹੈ। ਉਨ੍ਹਾਂ ਕਿਹਾ ਕਿ ਅੱਜ ਨੌਜਵਾਨਾਂ ਨੂੰ ਰੁਜ਼ਗਾਰ ਦੀ ਸਭ ਤੋਂ ਵੱਧ ਲੋੜ ਹੈ ਪਰ ਮੌਜੂਦਾ ਸਰਕਾਰਾਂ ਸਿਰਫ਼ ਝੂਠੇ ਵਾਅਦੇ ਕਰ ਰਹੀਆਂ ਹਨ। ਉਨ੍ਹਾਂ ਨੇ ਨੌਜਵਾਨਾਂ ਨੂੰ ਅਪੀਲ ਕੀਤੀ ਕਿ ਉਹ ਨਫ਼ਰਤ ਦੀ ਰਾਜਨੀਤੀ ਤੋਂ ਦੂਰ ਰਹਿ ਕੇ ਦੇਸ਼ ਦੀ ਤਰੱਕੀ ਵਿੱਚ ਯੋਗਦਾਨ ਪਾਉਣ।
